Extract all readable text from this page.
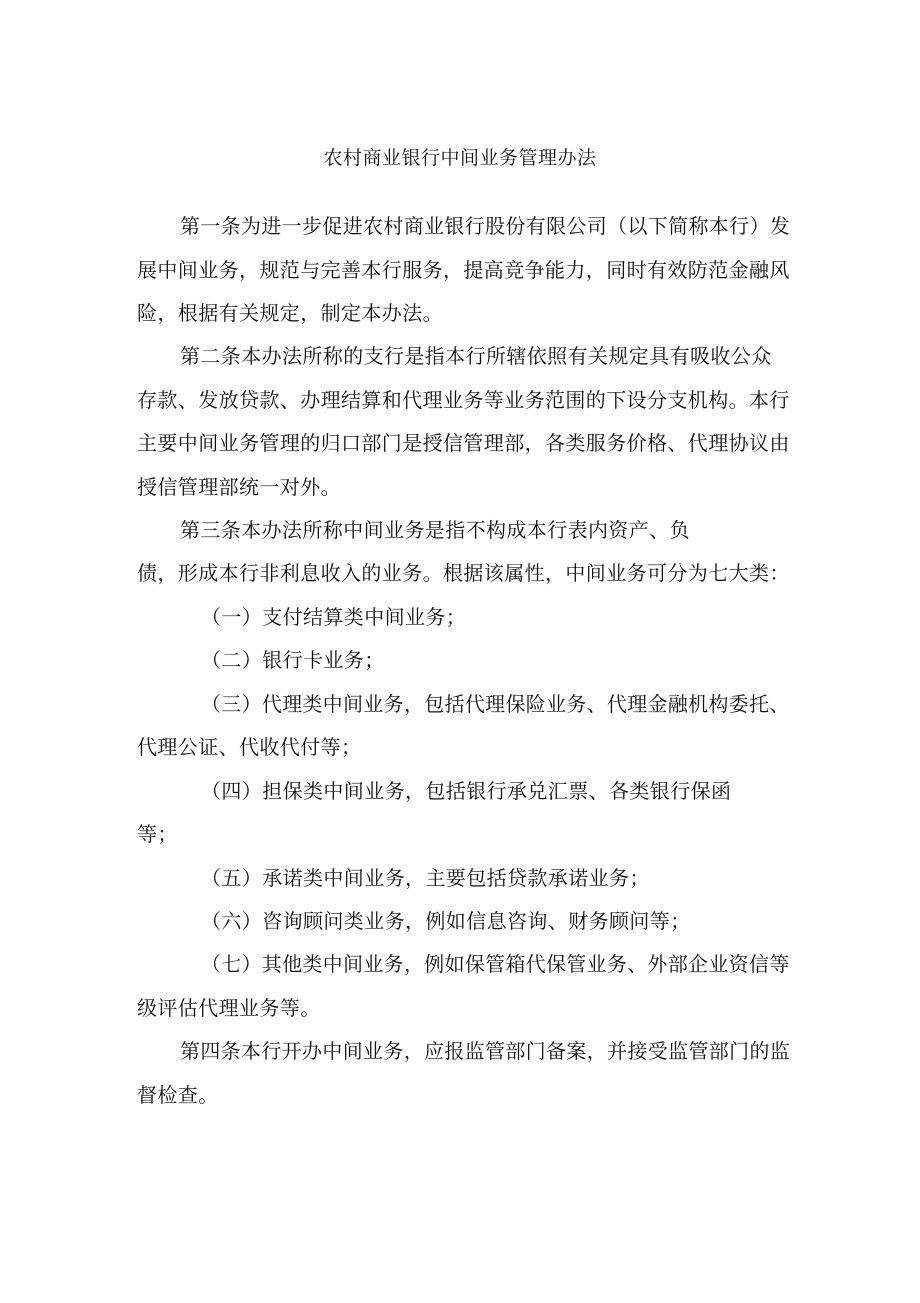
农村商业银行中间业务管理办法
第一条为进一步促进农村商业银行股份有限公司（以下简称本行）发
展中间业务，规范与完善本行服务，提高竞争能力，同时有效防范金融风
险，根据有关规定，制定本办法。
第二条本办法所称的支行是指本行所辖依照有关规定具有吸收公众
存款、发放贷款、办理结算和代理业务等业务范围的下设分支机构。本行
主要中间业务管理的归口部门是授信管理部，各类服务价格、代理协议由
授信管理部统一对外。
第三条本办法所称中间业务是指不构成本行表内资产、负
债，形成本行非利息收入的业务。根据该属性，中间业务可分为七大类：
（一）支付结算类中间业务；
（二）银行卡业务；
（三）代理类中间业务，包括代理保险业务、代理金融机构委托、
代理公证、代收代付等；
（四）担保类中间业务，包括银行承兑汇票、各类银行保函
等；
（五）承诺类中间业务，主要包括贷款承诺业务；
（六）咨询顾问类业务，例如信息咨询、财务顾问等；
（七）其他类中间业务，例如保管箱代保管业务、外部企业资信等
级评估代理业务等。
第四条本行开办中间业务，应报监管部门备案，并接受监管部门的监
督检查。
